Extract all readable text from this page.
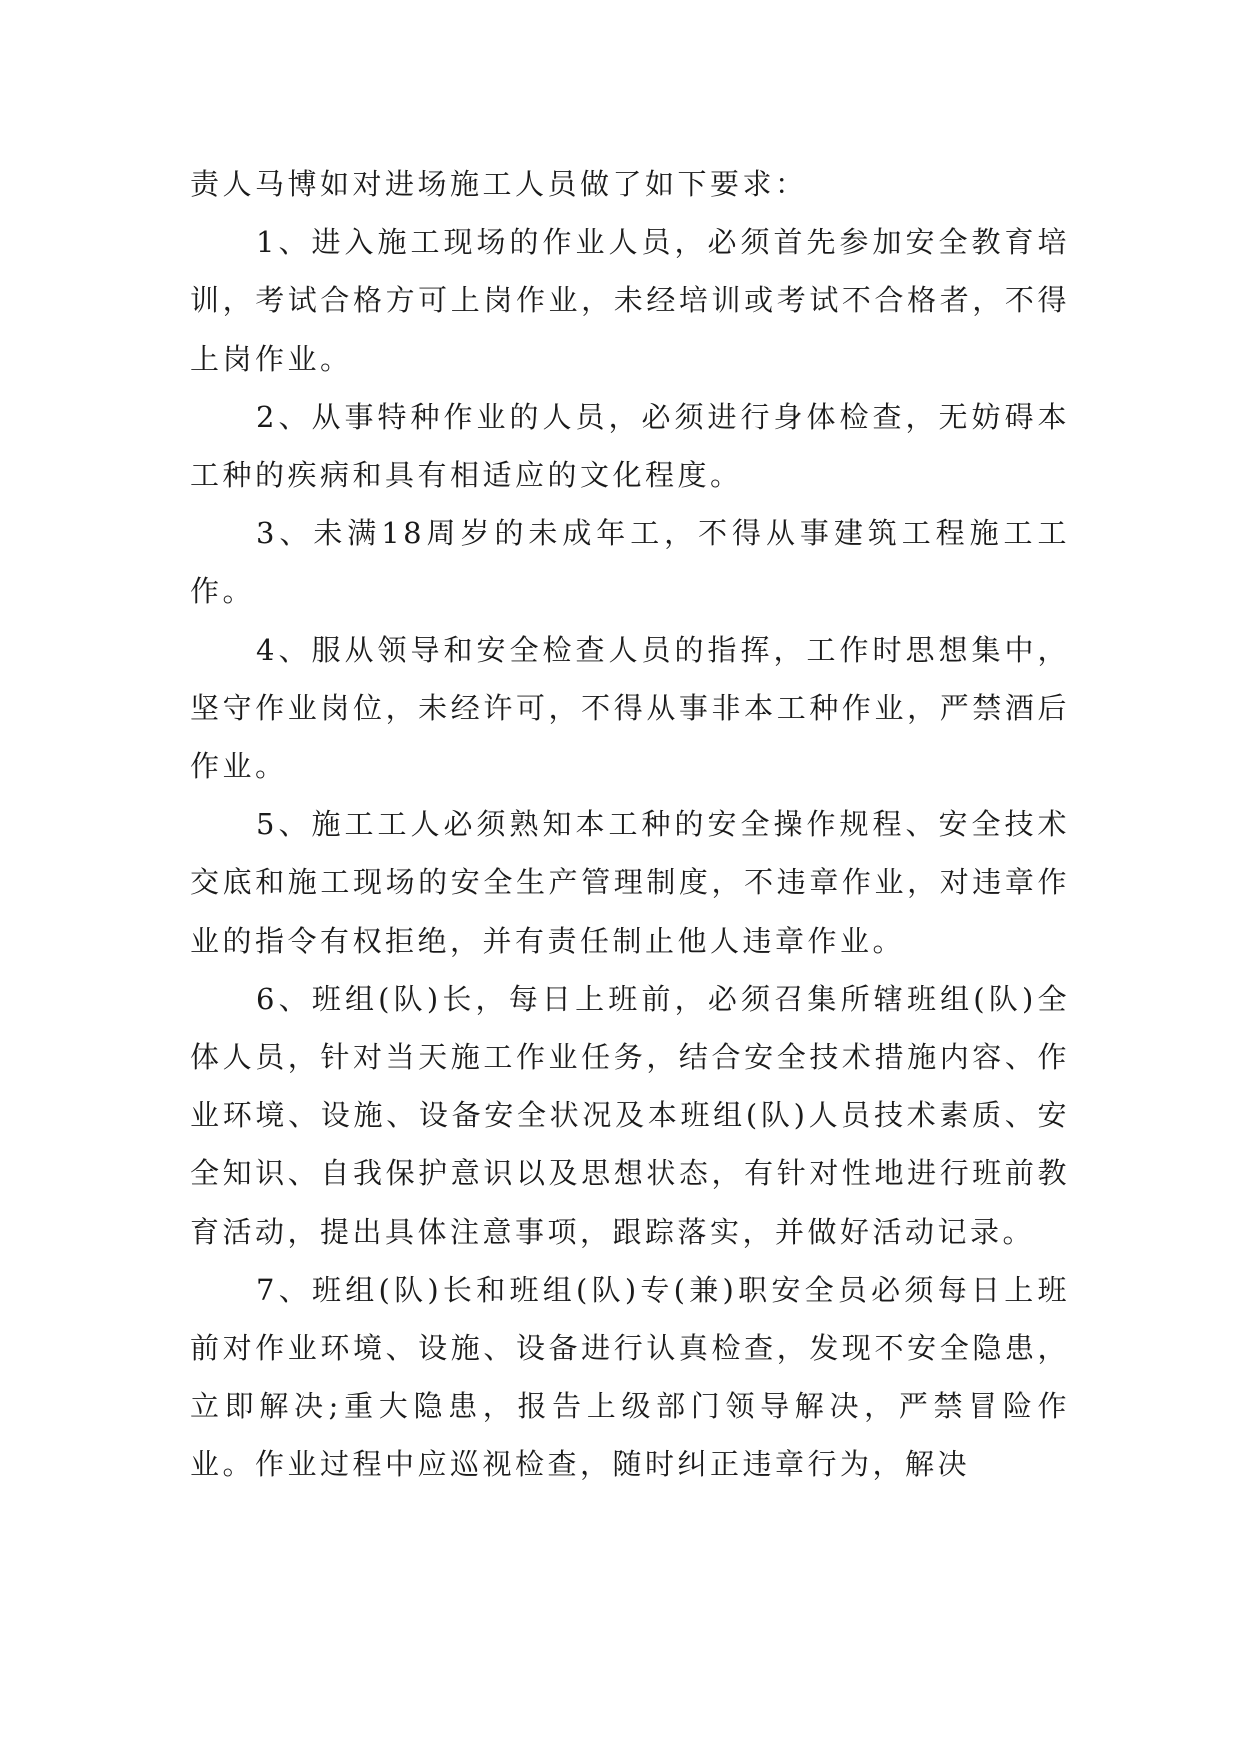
责人马博如对进场施工人员做了如下要求：

1、进入施工现场的作业人员，必须首先参加安全教育培训，考试合格方可上岗作业，未经培训或考试不合格者，不得上岗作业。

2、从事特种作业的人员，必须进行身体检查，无妨碍本工种的疾病和具有相适应的文化程度。

3、未满18周岁的未成年工，不得从事建筑工程施工工作。

4、服从领导和安全检查人员的指挥，工作时思想集中，坚守作业岗位，未经许可，不得从事非本工种作业，严禁酒后作业。

5、施工工人必须熟知本工种的安全操作规程、安全技术交底和施工现场的安全生产管理制度，不违章作业，对违章作业的指令有权拒绝，并有责任制止他人违章作业。

6、班组(队)长，每日上班前，必须召集所辖班组(队)全体人员，针对当天施工作业任务，结合安全技术措施内容、作业环境、设施、设备安全状况及本班组(队)人员技术素质、安全知识、自我保护意识以及思想状态，有针对性地进行班前教育活动，提出具体注意事项，跟踪落实，并做好活动记录。

7、班组(队)长和班组(队)专(兼)职安全员必须每日上班前对作业环境、设施、设备进行认真检查，发现不安全隐患，立即解决;重大隐患，报告上级部门领导解决，严禁冒险作业。作业过程中应巡视检查，随时纠正违章行为，解决
